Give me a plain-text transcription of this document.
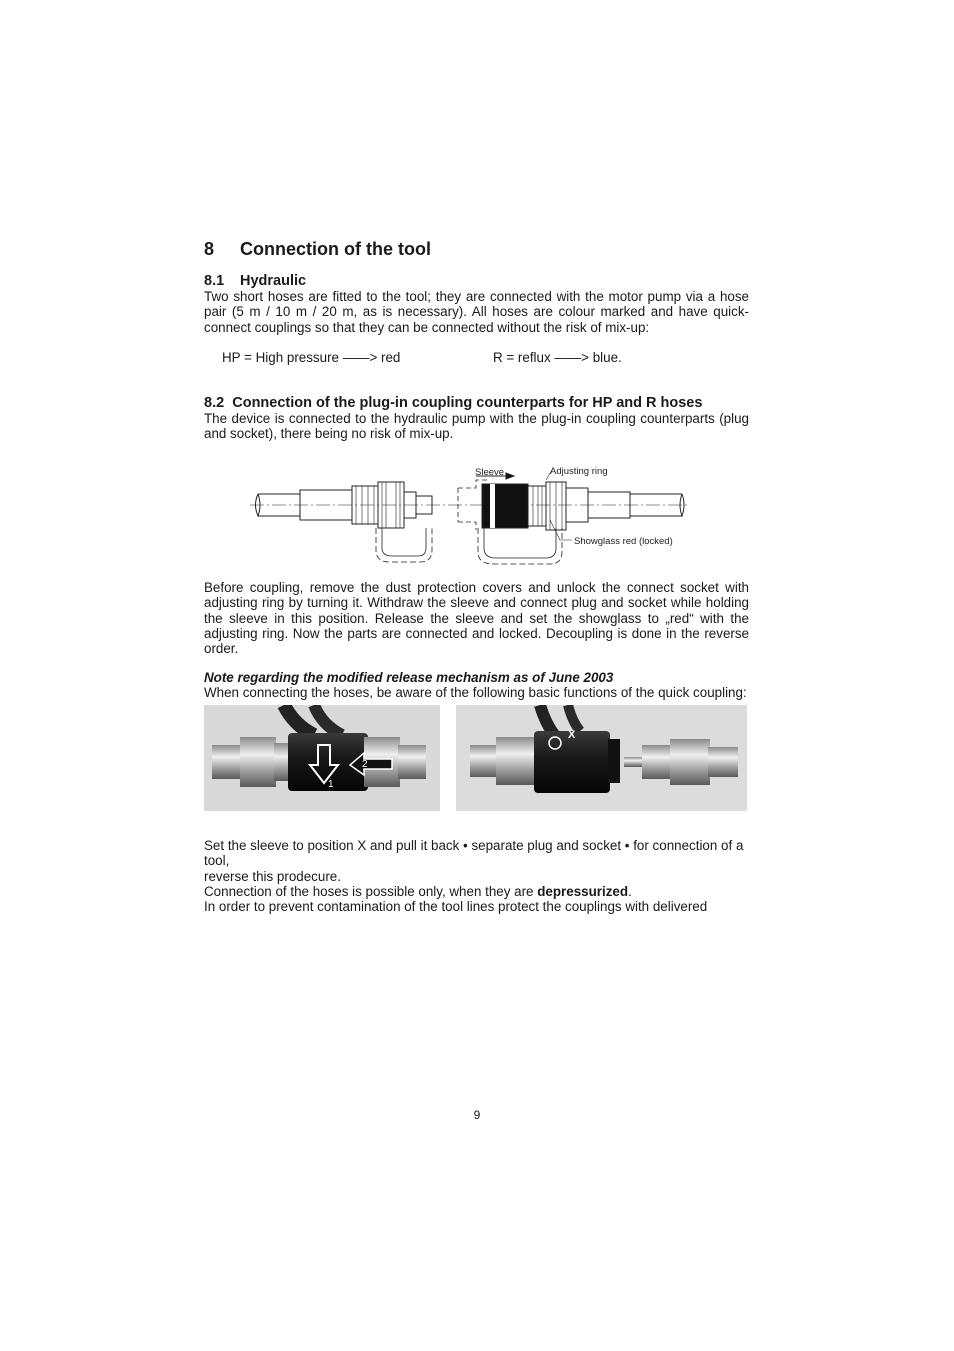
8 Connection of the tool
8.1 Hydraulic

Two short hoses are fitted to the tool; they are connected with the motor pump via a hose pair (5 m / 10 m / 20 m, as is necessary). All hoses are colour marked and have quick-connect couplings so that they can be connected without the risk of mix-up:

HP = High pressure ——> red	R = reflux ——> blue.
8.2 Connection of the plug-in coupling counterparts for HP and R hoses

The device is connected to the hydraulic pump with the plug-in coupling counterparts (plug and socket), there being no risk of mix-up.

Sleeve	Adjusting ring
Showglass red (locked)

Before coupling, remove the dust protection covers and unlock the connect socket with adjusting ring by turning it. Withdraw the sleeve and connect plug and socket while holding the sleeve in this position. Release the sleeve and set the showglass to „red“ with the adjusting ring. Now the parts are connected and locked. Decoupling is done in the reverse order.

Note regarding the modified release mechanism as of June 2003

When connecting the hoses, be aware of the following basic functions of the quick coupling:

1
2
X

Set the sleeve to position X and pull it back • separate plug and socket • for connection of a tool,

reverse this prodecure.

Connection of the hoses is possible only, when they are depressurized.

In order to prevent contamination of the tool lines protect the couplings with delivered

9
